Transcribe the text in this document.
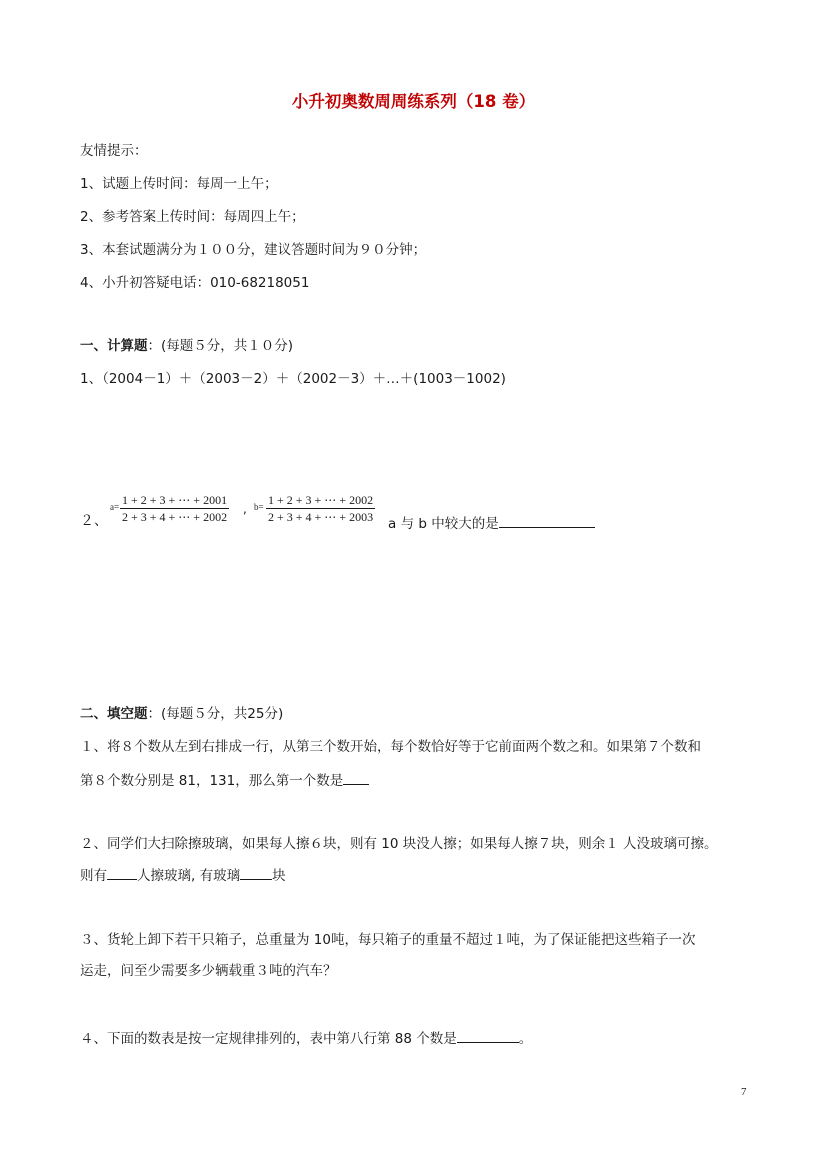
小升初奥数周周练系列（18 卷）
友情提示：
1、试题上传时间：每周一上午；
2、参考答案上传时间：每周四上午；
3、本套试题满分为１００分，建议答题时间为９０分钟；
4、小升初答疑电话：010-68218051
一、计算题：(每题５分，共１０分)
1、（2004－1）＋（2003－2）＋（2002－3）＋…＋(1003－1002)
２、
$a= \frac{1 + 2 + 3 + \cdots + 2001}{2 + 3 + 4 + \cdots + 2002}$ , $b= \frac{1 + 2 + 3 + \cdots + 2002}{2 + 3 + 4 + \cdots + 2003}$ a 与 b 中较大的是
二、填空题：(每题５分，共25分)
１、将８个数从左到右排成一行，从第三个数开始，每个数恰好等于它前面两个数之和。如果第７个数和
第８个数分别是 81，131，那么第一个数是
２、同学们大扫除擦玻璃，如果每人擦６块，则有 10 块没人擦；如果每人擦７块，则余１ 人没玻璃可擦。
则有 人擦玻璃, 有玻璃 块
３、货轮上卸下若干只箱子，总重量为 10吨，每只箱子的重量不超过１吨，为了保证能把这些箱子一次
运走，问至少需要多少辆载重３吨的汽车？
４、下面的数表是按一定规律排列的，表中第八行第 88 个数是	。
7
